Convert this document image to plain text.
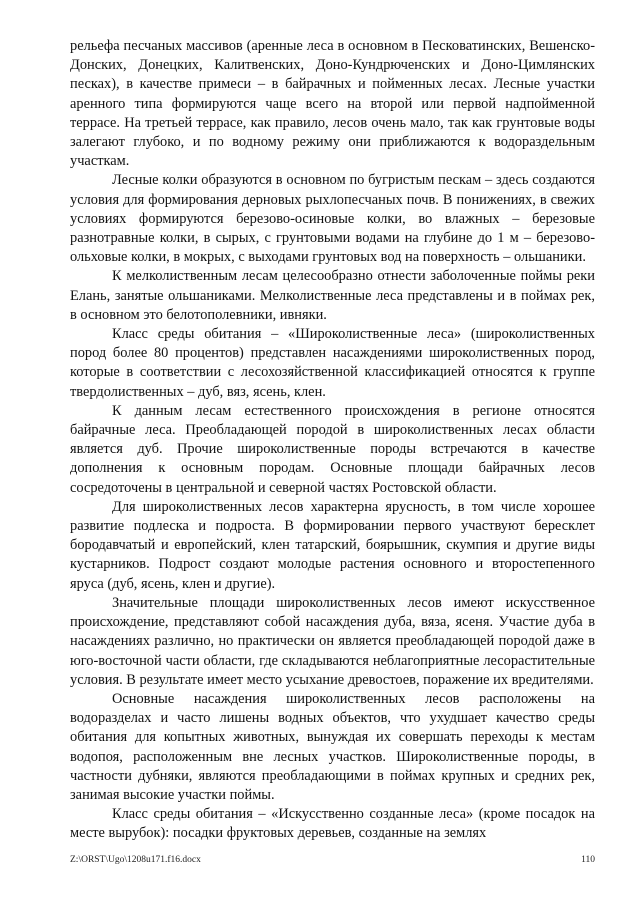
рельефа песчаных массивов (аренные леса в основном в Песковатинских, Вешенско-Донских, Донецких, Калитвенских, Доно-Кундрюченских и Доно-Цимлянских песках), в качестве примеси – в байрачных и пойменных лесах. Лесные участки аренного типа формируются чаще всего на второй или первой надпойменной террасе. На третьей террасе, как правило, лесов очень мало, так как грунтовые воды залегают глубоко, и по водному режиму они приближаются к водораздельным участкам.

Лесные колки образуются в основном по бугристым пескам – здесь создаются условия для формирования дерновых рыхлопесчаных почв. В понижениях, в свежих условиях формируются березово-осиновые колки, во влажных – березовые разнотравные колки, в сырых, с грунтовыми водами на глубине до 1 м – березово-ольховые колки, в мокрых, с выходами грунтовых вод на поверхность – ольшаники.

К мелколиственным лесам целесообразно отнести заболоченные поймы реки Елань, занятые ольшаниками. Мелколиственные леса представлены и в поймах рек, в основном это белотополевники, ивняки.

Класс среды обитания – «Широколиственные леса» (широколиственных пород более 80 процентов) представлен насаждениями широколиственных пород, которые в соответствии с лесохозяйственной классификацией относятся к группе твердолиственных – дуб, вяз, ясень, клен.

К данным лесам естественного происхождения в регионе относятся байрачные леса. Преобладающей породой в широколиственных лесах области является дуб. Прочие широколиственные породы встречаются в качестве дополнения к основным породам. Основные площади байрачных лесов сосредоточены в центральной и северной частях Ростовской области.

Для широколиственных лесов характерна ярусность, в том числе хорошее развитие подлеска и подроста. В формировании первого участвуют бересклет бородавчатый и европейский, клен татарский, боярышник, скумпия и другие виды кустарников. Подрост создают молодые растения основного и второстепенного яруса (дуб, ясень, клен и другие).

Значительные площади широколиственных лесов имеют искусственное происхождение, представляют собой насаждения дуба, вяза, ясеня. Участие дуба в насаждениях различно, но практически он является преобладающей породой даже в юго-восточной части области, где складываются неблагоприятные лесорастительные условия. В результате имеет место усыхание древостоев, поражение их вредителями.

Основные насаждения широколиственных лесов расположены на водоразделах и часто лишены водных объектов, что ухудшает качество среды обитания для копытных животных, вынуждая их совершать переходы к местам водопоя, расположенным вне лесных участков. Широколиственные породы, в частности дубняки, являются преобладающими в поймах крупных и средних рек, занимая высокие участки поймы.

Класс среды обитания – «Искусственно созданные леса» (кроме посадок на месте вырубок): посадки фруктовых деревьев, созданные на землях

Z:\ORST\Ugo\1208u171.f16.docx	110
